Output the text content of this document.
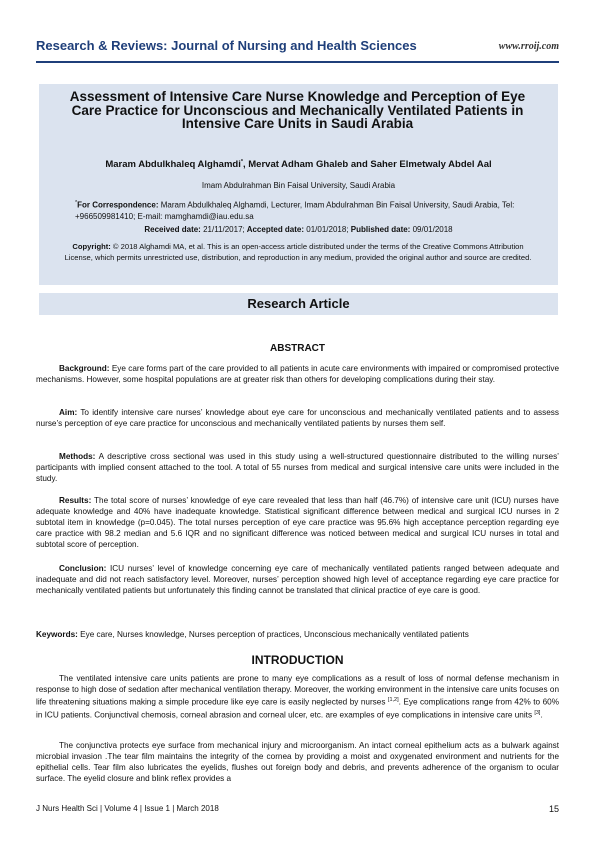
Research & Reviews: Journal of Nursing and Health Sciences	www.rroij.com
Assessment of Intensive Care Nurse Knowledge and Perception of Eye Care Practice for Unconscious and Mechanically Ventilated Patients in Intensive Care Units in Saudi Arabia
Maram Abdulkhaleq Alghamdi*, Mervat Adham Ghaleb and Saher Elmetwaly Abdel Aal
Imam Abdulrahman Bin Faisal University, Saudi Arabia
*For Correspondence: Maram Abdulkhaleq Alghamdi, Lecturer, Imam Abdulrahman Bin Faisal University, Saudi Arabia, Tel: +966509981410; E-mail: mamghamdi@iau.edu.sa
Received date: 21/11/2017; Accepted date: 01/01/2018; Published date: 09/01/2018
Copyright: © 2018 Alghamdi MA, et al. This is an open-access article distributed under the terms of the Creative Commons Attribution License, which permits unrestricted use, distribution, and reproduction in any medium, provided the original author and source are credited.
Research Article
ABSTRACT
Background: Eye care forms part of the care provided to all patients in acute care environments with impaired or compromised protective mechanisms. However, some hospital populations are at greater risk than others for developing complications during their stay.
Aim: To identify intensive care nurses’ knowledge about eye care for unconscious and mechanically ventilated patients and to assess nurse’s perception of eye care practice for unconscious and mechanically ventilated patients by nurses them self.
Methods: A descriptive cross sectional was used in this study using a well-structured questionnaire distributed to the willing nurses’ participants with implied consent attached to the tool. A total of 55 nurses from medical and surgical intensive care units were included in the study.
Results: The total score of nurses’ knowledge of eye care revealed that less than half (46.7%) of intensive care unit (ICU) nurses have adequate knowledge and 40% have inadequate knowledge. Statistical significant difference between medical and surgical ICU nurses in 2 subtotal item in knowledge (p=0.045). The total nurses perception of eye care practice was 95.6% high acceptance perception regarding eye care practice with 98.2 median and 5.6 IQR and no significant difference was noticed between medical and surgical ICU nurses in total and subtotal score of perception.
Conclusion: ICU nurses’ level of knowledge concerning eye care of mechanically ventilated patients ranged between adequate and inadequate and did not reach satisfactory level. Moreover, nurses’ perception showed high level of acceptance regarding eye care practice for mechanically ventilated patients but unfortunately this finding cannot be translated that clinical practice of eye care is good.
Keywords: Eye care, Nurses knowledge, Nurses perception of practices, Unconscious mechanically ventilated patients
INTRODUCTION
The ventilated intensive care units patients are prone to many eye complications as a result of loss of normal defense mechanism in response to high dose of sedation after mechanical ventilation therapy. Moreover, the working environment in the intensive care units focuses on life threatening situations making a simple procedure like eye care is easily neglected by nurses [1,2]. Eye complications range from 42% to 60% in ICU patients. Conjunctival chemosis, corneal abrasion and corneal ulcer, etc. are examples of eye complications in intensive care units [3].
The conjunctiva protects eye surface from mechanical injury and microorganism. An intact corneal epithelium acts as a bulwark against microbial invasion .The tear film maintains the integrity of the cornea by providing a moist and oxygenated environment and nutrients for the epithelial cells. Tear film also lubricates the eyelids, flushes out foreign body and debris, and prevents adherence of the organism to ocular surface. The eyelid closure and blink reflex provides a
J Nurs Health Sci | Volume 4 | Issue 1 | March 2018	15
